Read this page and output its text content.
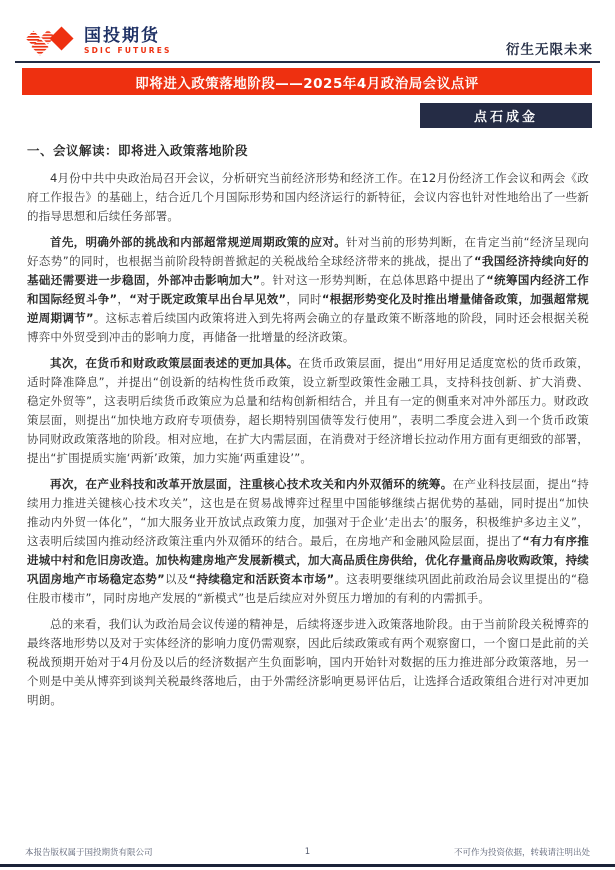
国投期货
SDIC FUTURES	衍生无限未来
即将进入政策落地阶段——2025年4月政治局会议点评
点石成金
一、会议解读：即将进入政策落地阶段

4月份中共中央政治局召开会议，分析研究当前经济形势和经济工作。在12月份经济工作会议和两会《政府工作报告》的基础上，结合近几个月国际形势和国内经济运行的新特征，会议内容也针对性地给出了一些新的指导思想和后续任务部署。

首先，明确外部的挑战和内部超常规逆周期政策的应对。针对当前的形势判断，在肯定当前“经济呈现向好态势”的同时，也根据当前阶段特朗普掀起的关税战给全球经济带来的挑战，提出了“我国经济持续向好的基础还需要进一步稳固，外部冲击影响加大”。针对这一形势判断，在总体思路中提出了“统筹国内经济工作和国际经贸斗争”，“对于既定政策早出台早见效”，同时“根据形势变化及时推出增量储备政策，加强超常规逆周期调节”。这标志着后续国内政策将进入到先将两会确立的存量政策不断落地的阶段，同时还会根据关税博弈中外贸受到冲击的影响力度，再储备一批增量的经济政策。

其次，在货币和财政政策层面表述的更加具体。在货币政策层面，提出“用好用足适度宽松的货币政策，适时降准降息”，并提出“创设新的结构性货币政策，设立新型政策性金融工具，支持科技创新、扩大消费、稳定外贸等”，这表明后续货币政策应为总量和结构创新相结合，并且有一定的侧重来对冲外部压力。财政政策层面，则提出“加快地方政府专项债券，超长期特别国债等发行使用”，表明二季度会进入到一个货币政策协同财政政策落地的阶段。相对应地，在扩大内需层面，在消费对于经济增长拉动作用方面有更细致的部署，提出“扩围提质实施‘两新’政策，加力实施‘两重建设’”。

再次，在产业科技和改革开放层面，注重核心技术攻关和内外双循环的统筹。在产业科技层面，提出“持续用力推进关键核心技术攻关”，这也是在贸易战博弈过程里中国能够继续占据优势的基础，同时提出“加快推动内外贸一体化”，“加大服务业开放试点政策力度，加强对于企业‘走出去’的服务，积极维护多边主义”，这表明后续国内推动经济政策注重内外双循环的结合。最后，在房地产和金融风险层面，提出了“有力有序推进城中村和危旧房改造。加快构建房地产发展新模式，加大高品质住房供给，优化存量商品房收购政策，持续巩固房地产市场稳定态势”以及“持续稳定和活跃资本市场”。这表明要继续巩固此前政治局会议里提出的“稳住股市楼市”，同时房地产发展的“新模式”也是后续应对外贸压力增加的有利的内需抓手。

总的来看，我们认为政治局会议传递的精神是，后续将逐步进入政策落地阶段。由于当前阶段关税博弈的最终落地形势以及对于实体经济的影响力度仍需观察，因此后续政策或有两个观察窗口，一个窗口是此前的关税战预期开始对于4月份及以后的经济数据产生负面影响，国内开始针对数据的压力推进部分政策落地，另一个则是中美从博弈到谈判关税最终落地后，由于外需经济影响更易评估后，让选择合适政策组合进行对冲更加明朗。

本报告版权属于国投期货有限公司	1	不可作为投资依据，转载请注明出处
